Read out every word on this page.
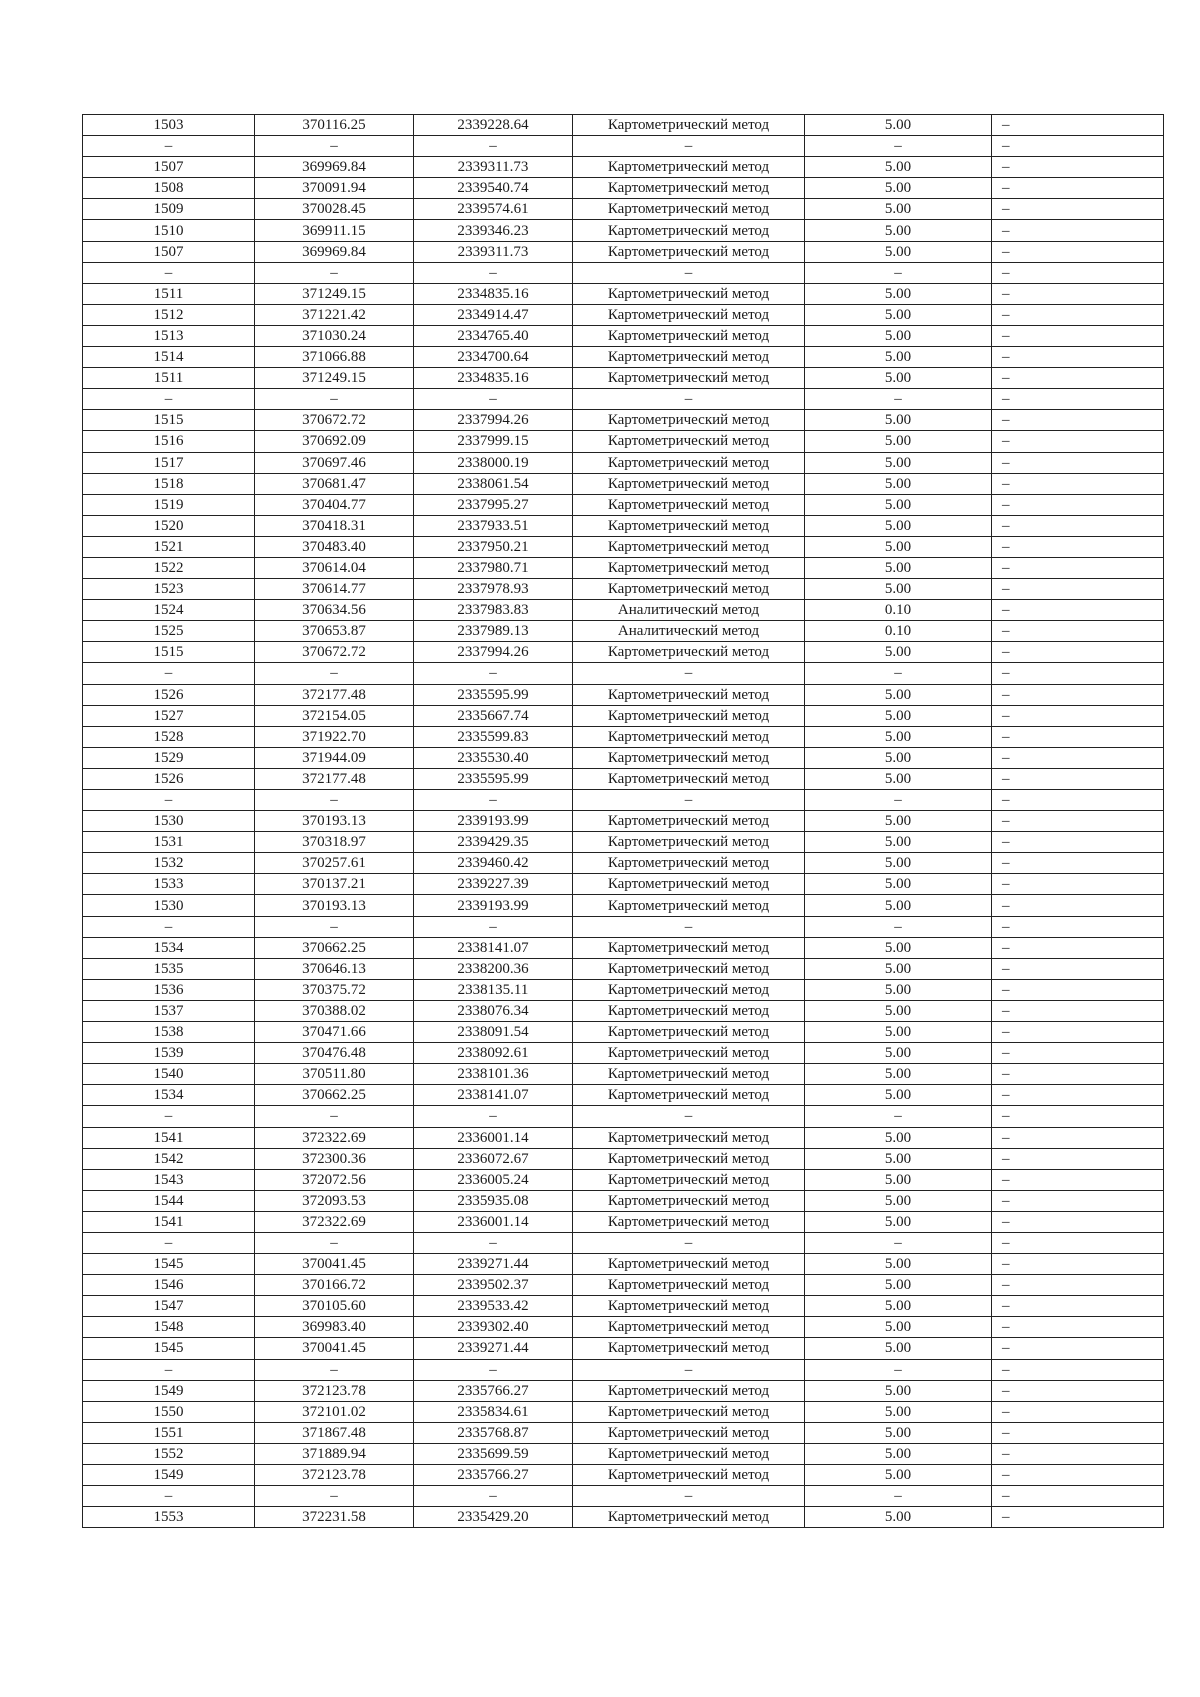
1503	370116.25	2339228.64	Картометрический метод	5.00	–
–	–	–	–	–	–
1507	369969.84	2339311.73	Картометрический метод	5.00	–
1508	370091.94	2339540.74	Картометрический метод	5.00	–
1509	370028.45	2339574.61	Картометрический метод	5.00	–
1510	369911.15	2339346.23	Картометрический метод	5.00	–
1507	369969.84	2339311.73	Картометрический метод	5.00	–
–	–	–	–	–	–
1511	371249.15	2334835.16	Картометрический метод	5.00	–
1512	371221.42	2334914.47	Картометрический метод	5.00	–
1513	371030.24	2334765.40	Картометрический метод	5.00	–
1514	371066.88	2334700.64	Картометрический метод	5.00	–
1511	371249.15	2334835.16	Картометрический метод	5.00	–
–	–	–	–	–	–
1515	370672.72	2337994.26	Картометрический метод	5.00	–
1516	370692.09	2337999.15	Картометрический метод	5.00	–
1517	370697.46	2338000.19	Картометрический метод	5.00	–
1518	370681.47	2338061.54	Картометрический метод	5.00	–
1519	370404.77	2337995.27	Картометрический метод	5.00	–
1520	370418.31	2337933.51	Картометрический метод	5.00	–
1521	370483.40	2337950.21	Картометрический метод	5.00	–
1522	370614.04	2337980.71	Картометрический метод	5.00	–
1523	370614.77	2337978.93	Картометрический метод	5.00	–
1524	370634.56	2337983.83	Аналитический метод	0.10	–
1525	370653.87	2337989.13	Аналитический метод	0.10	–
1515	370672.72	2337994.26	Картометрический метод	5.00	–
–	–	–	–	–	–
1526	372177.48	2335595.99	Картометрический метод	5.00	–
1527	372154.05	2335667.74	Картометрический метод	5.00	–
1528	371922.70	2335599.83	Картометрический метод	5.00	–
1529	371944.09	2335530.40	Картометрический метод	5.00	–
1526	372177.48	2335595.99	Картометрический метод	5.00	–
–	–	–	–	–	–
1530	370193.13	2339193.99	Картометрический метод	5.00	–
1531	370318.97	2339429.35	Картометрический метод	5.00	–
1532	370257.61	2339460.42	Картометрический метод	5.00	–
1533	370137.21	2339227.39	Картометрический метод	5.00	–
1530	370193.13	2339193.99	Картометрический метод	5.00	–
–	–	–	–	–	–
1534	370662.25	2338141.07	Картометрический метод	5.00	–
1535	370646.13	2338200.36	Картометрический метод	5.00	–
1536	370375.72	2338135.11	Картометрический метод	5.00	–
1537	370388.02	2338076.34	Картометрический метод	5.00	–
1538	370471.66	2338091.54	Картометрический метод	5.00	–
1539	370476.48	2338092.61	Картометрический метод	5.00	–
1540	370511.80	2338101.36	Картометрический метод	5.00	–
1534	370662.25	2338141.07	Картометрический метод	5.00	–
–	–	–	–	–	–
1541	372322.69	2336001.14	Картометрический метод	5.00	–
1542	372300.36	2336072.67	Картометрический метод	5.00	–
1543	372072.56	2336005.24	Картометрический метод	5.00	–
1544	372093.53	2335935.08	Картометрический метод	5.00	–
1541	372322.69	2336001.14	Картометрический метод	5.00	–
–	–	–	–	–	–
1545	370041.45	2339271.44	Картометрический метод	5.00	–
1546	370166.72	2339502.37	Картометрический метод	5.00	–
1547	370105.60	2339533.42	Картометрический метод	5.00	–
1548	369983.40	2339302.40	Картометрический метод	5.00	–
1545	370041.45	2339271.44	Картометрический метод	5.00	–
–	–	–	–	–	–
1549	372123.78	2335766.27	Картометрический метод	5.00	–
1550	372101.02	2335834.61	Картометрический метод	5.00	–
1551	371867.48	2335768.87	Картометрический метод	5.00	–
1552	371889.94	2335699.59	Картометрический метод	5.00	–
1549	372123.78	2335766.27	Картометрический метод	5.00	–
–	–	–	–	–	–
1553	372231.58	2335429.20	Картометрический метод	5.00	–
